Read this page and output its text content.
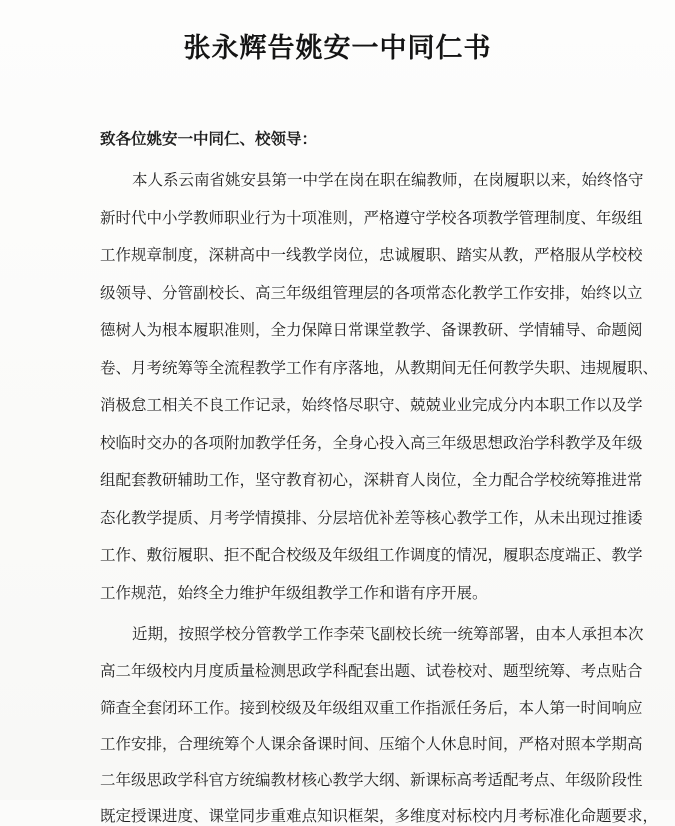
张永辉告姚安一中同仁书

致各位姚安一中同仁、校领导：

本人系云南省姚安县第一中学在岗在职在编教师，在岗履职以来，始终恪守

新时代中小学教师职业行为十项准则，严格遵守学校各项教学管理制度、年级组

工作规章制度，深耕高中一线教学岗位，忠诚履职、踏实从教，严格服从学校校

级领导、分管副校长、高三年级组管理层的各项常态化教学工作安排，始终以立

德树人为根本履职准则，全力保障日常课堂教学、备课教研、学情辅导、命题阅

卷、月考统筹等全流程教学工作有序落地，从教期间无任何教学失职、违规履职、

消极怠工相关不良工作记录，始终恪尽职守、兢兢业业完成分内本职工作以及学

校临时交办的各项附加教学任务，全身心投入高三年级思想政治学科教学及年级

组配套教研辅助工作，坚守教育初心，深耕育人岗位，全力配合学校统筹推进常

态化教学提质、月考学情摸排、分层培优补差等核心教学工作，从未出现过推诿

工作、敷衍履职、拒不配合校级及年级组工作调度的情况，履职态度端正、教学

工作规范，始终全力维护年级组教学工作和谐有序开展。

近期，按照学校分管教学工作李荣飞副校长统一统筹部署，由本人承担本次

高二年级校内月度质量检测思政学科配套出题、试卷校对、题型统筹、考点贴合

筛查全套闭环工作。接到校级及年级组双重工作指派任务后，本人第一时间响应

工作安排，合理统筹个人课余备课时间、压缩个人休息时间，严格对照本学期高

二年级思政学科官方统编教材核心教学大纲、新课标高考适配考点、年级阶段性

既定授课进度、课堂同步重难点知识框架，多维度对标校内月考标准化命题要求，
